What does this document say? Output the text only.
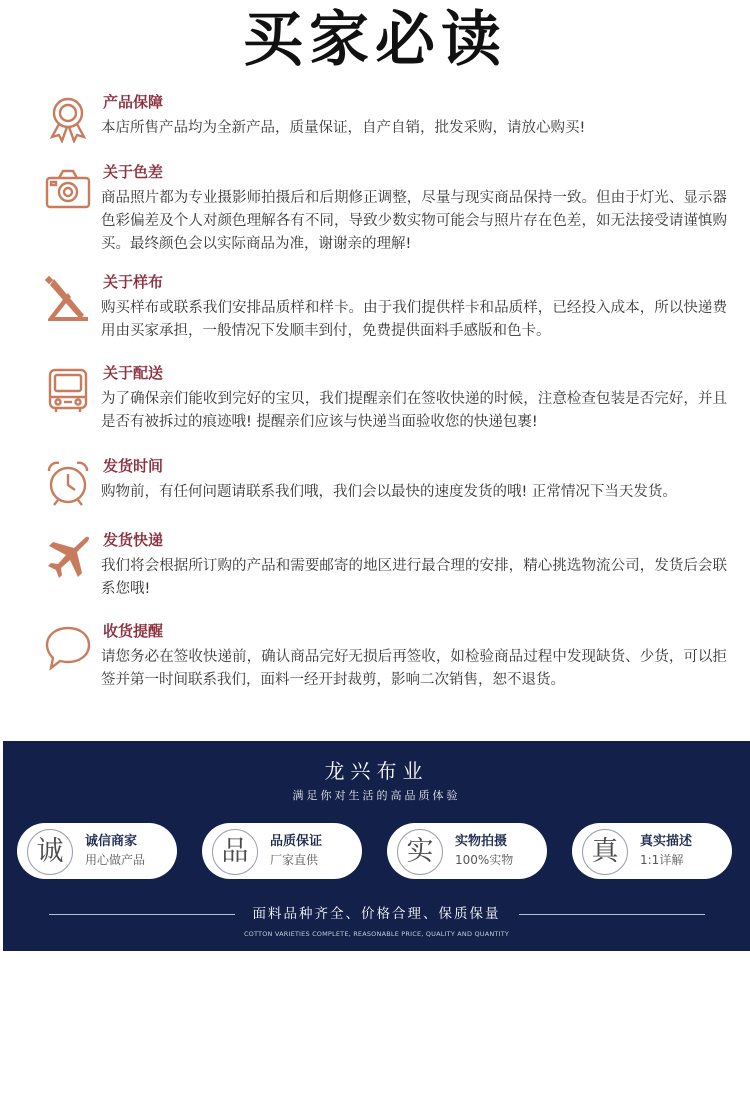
买家必读
产品保障
本店所售产品均为全新产品，质量保证，自产自销，批发采购，请放心购买!
关于色差
商品照片都为专业摄影师拍摄后和后期修正调整，尽量与现实商品保持一致。但由于灯光、显示器色彩偏差及个人对颜色理解各有不同，导致少数实物可能会与照片存在色差，如无法接受请谨慎购买。最终颜色会以实际商品为准，谢谢亲的理解!
关于样布
购买样布或联系我们安排品质样和样卡。由于我们提供样卡和品质样，已经投入成本，所以快递费用由买家承担，一般情况下发顺丰到付，免费提供面料手感版和色卡。
关于配送
为了确保亲们能收到完好的宝贝，我们提醒亲们在签收快递的时候，注意检查包装是否完好，并且是否有被拆过的痕迹哦! 提醒亲们应该与快递当面验收您的快递包裹!
发货时间
购物前，有任何问题请联系我们哦，我们会以最快的速度发货的哦! 正常情况下当天发货。
发货快递
我们将会根据所订购的产品和需要邮寄的地区进行最合理的安排，精心挑选物流公司，发货后会联系您哦!
收货提醒
请您务必在签收快递前，确认商品完好无损后再签收，如检验商品过程中发现缺货、少货，可以拒签并第一时间联系我们，面料一经开封裁剪，影响二次销售，恕不退货。
龙兴布业
满足你对生活的高品质体验
诚	诚信商家
用心做产品	品	品质保证
厂家直供	实	实物拍摄
100%实物	真	真实描述
1:1详解
面料品种齐全、价格合理、保质保量
COTTON VARIETIES COMPLETE, REASONABLE PRICE, QUALITY AND QUANTITY
